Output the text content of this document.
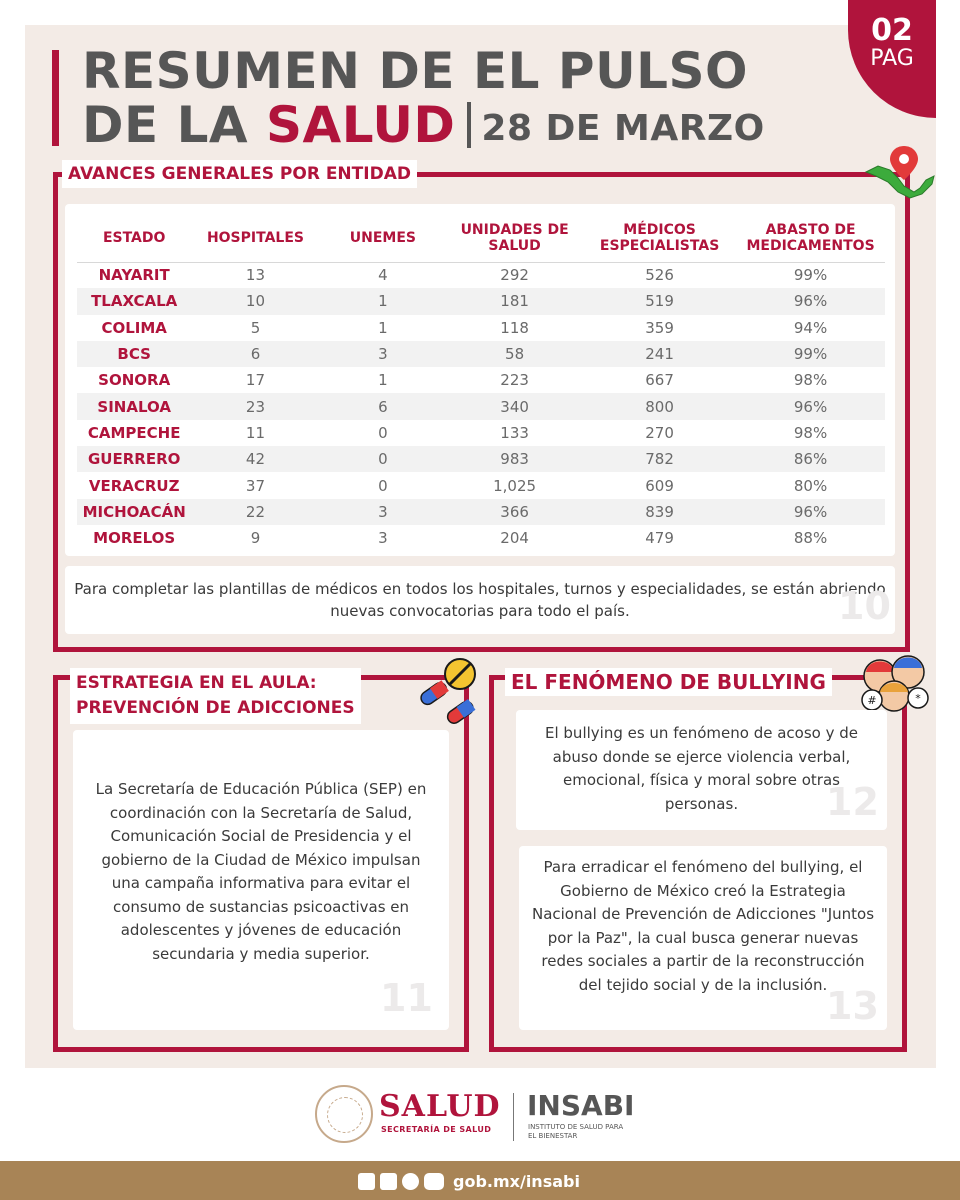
02
PAG
RESUMEN DE EL PULSO
DE LA SALUD 28 DE MARZO
AVANCES GENERALES POR ENTIDAD
ESTADO	HOSPITALES	UNEMES	UNIDADES DE SALUD	MÉDICOS ESPECIALISTAS	ABASTO DE MEDICAMENTOS
NAYARIT	13	4	292	526	99%
TLAXCALA	10	1	181	519	96%
COLIMA	5	1	118	359	94%
BCS	6	3	58	241	99%
SONORA	17	1	223	667	98%
SINALOA	23	6	340	800	96%
CAMPECHE	11	0	133	270	98%
GUERRERO	42	0	983	782	86%
VERACRUZ	37	0	1,025	609	80%
MICHOACÁN	22	3	366	839	96%
MORELOS	9	3	204	479	88%
Para completar las plantillas de médicos en todos los hospitales, turnos y especialidades, se están abriendo nuevas convocatorias para todo el país.	10
ESTRATEGIA EN EL AULA:
PREVENCIÓN DE ADICCIONES
La Secretaría de Educación Pública (SEP) en coordinación con la Secretaría de Salud, Comunicación Social de Presidencia y el gobierno de la Ciudad de México impulsan una campaña informativa para evitar el consumo de sustancias psicoactivas en adolescentes y jóvenes de educación secundaria y media superior.
11
EL FENÓMENO DE BULLYING
#	*
El bullying es un fenómeno de acoso y de abuso donde se ejerce violencia verbal, emocional, física y moral sobre otras personas.
Para erradicar el fenómeno del bullying, el Gobierno de México creó la Estrategia Nacional de Prevención de Adicciones "Juntos por la Paz", la cual busca generar nuevas redes sociales a partir de la reconstrucción del tejido social y de la inclusión.
12
13
SALUD
SECRETARÍA DE SALUD
INSABI
INSTITUTO DE SALUD PARA
EL BIENESTAR
gob.mx/insabi
